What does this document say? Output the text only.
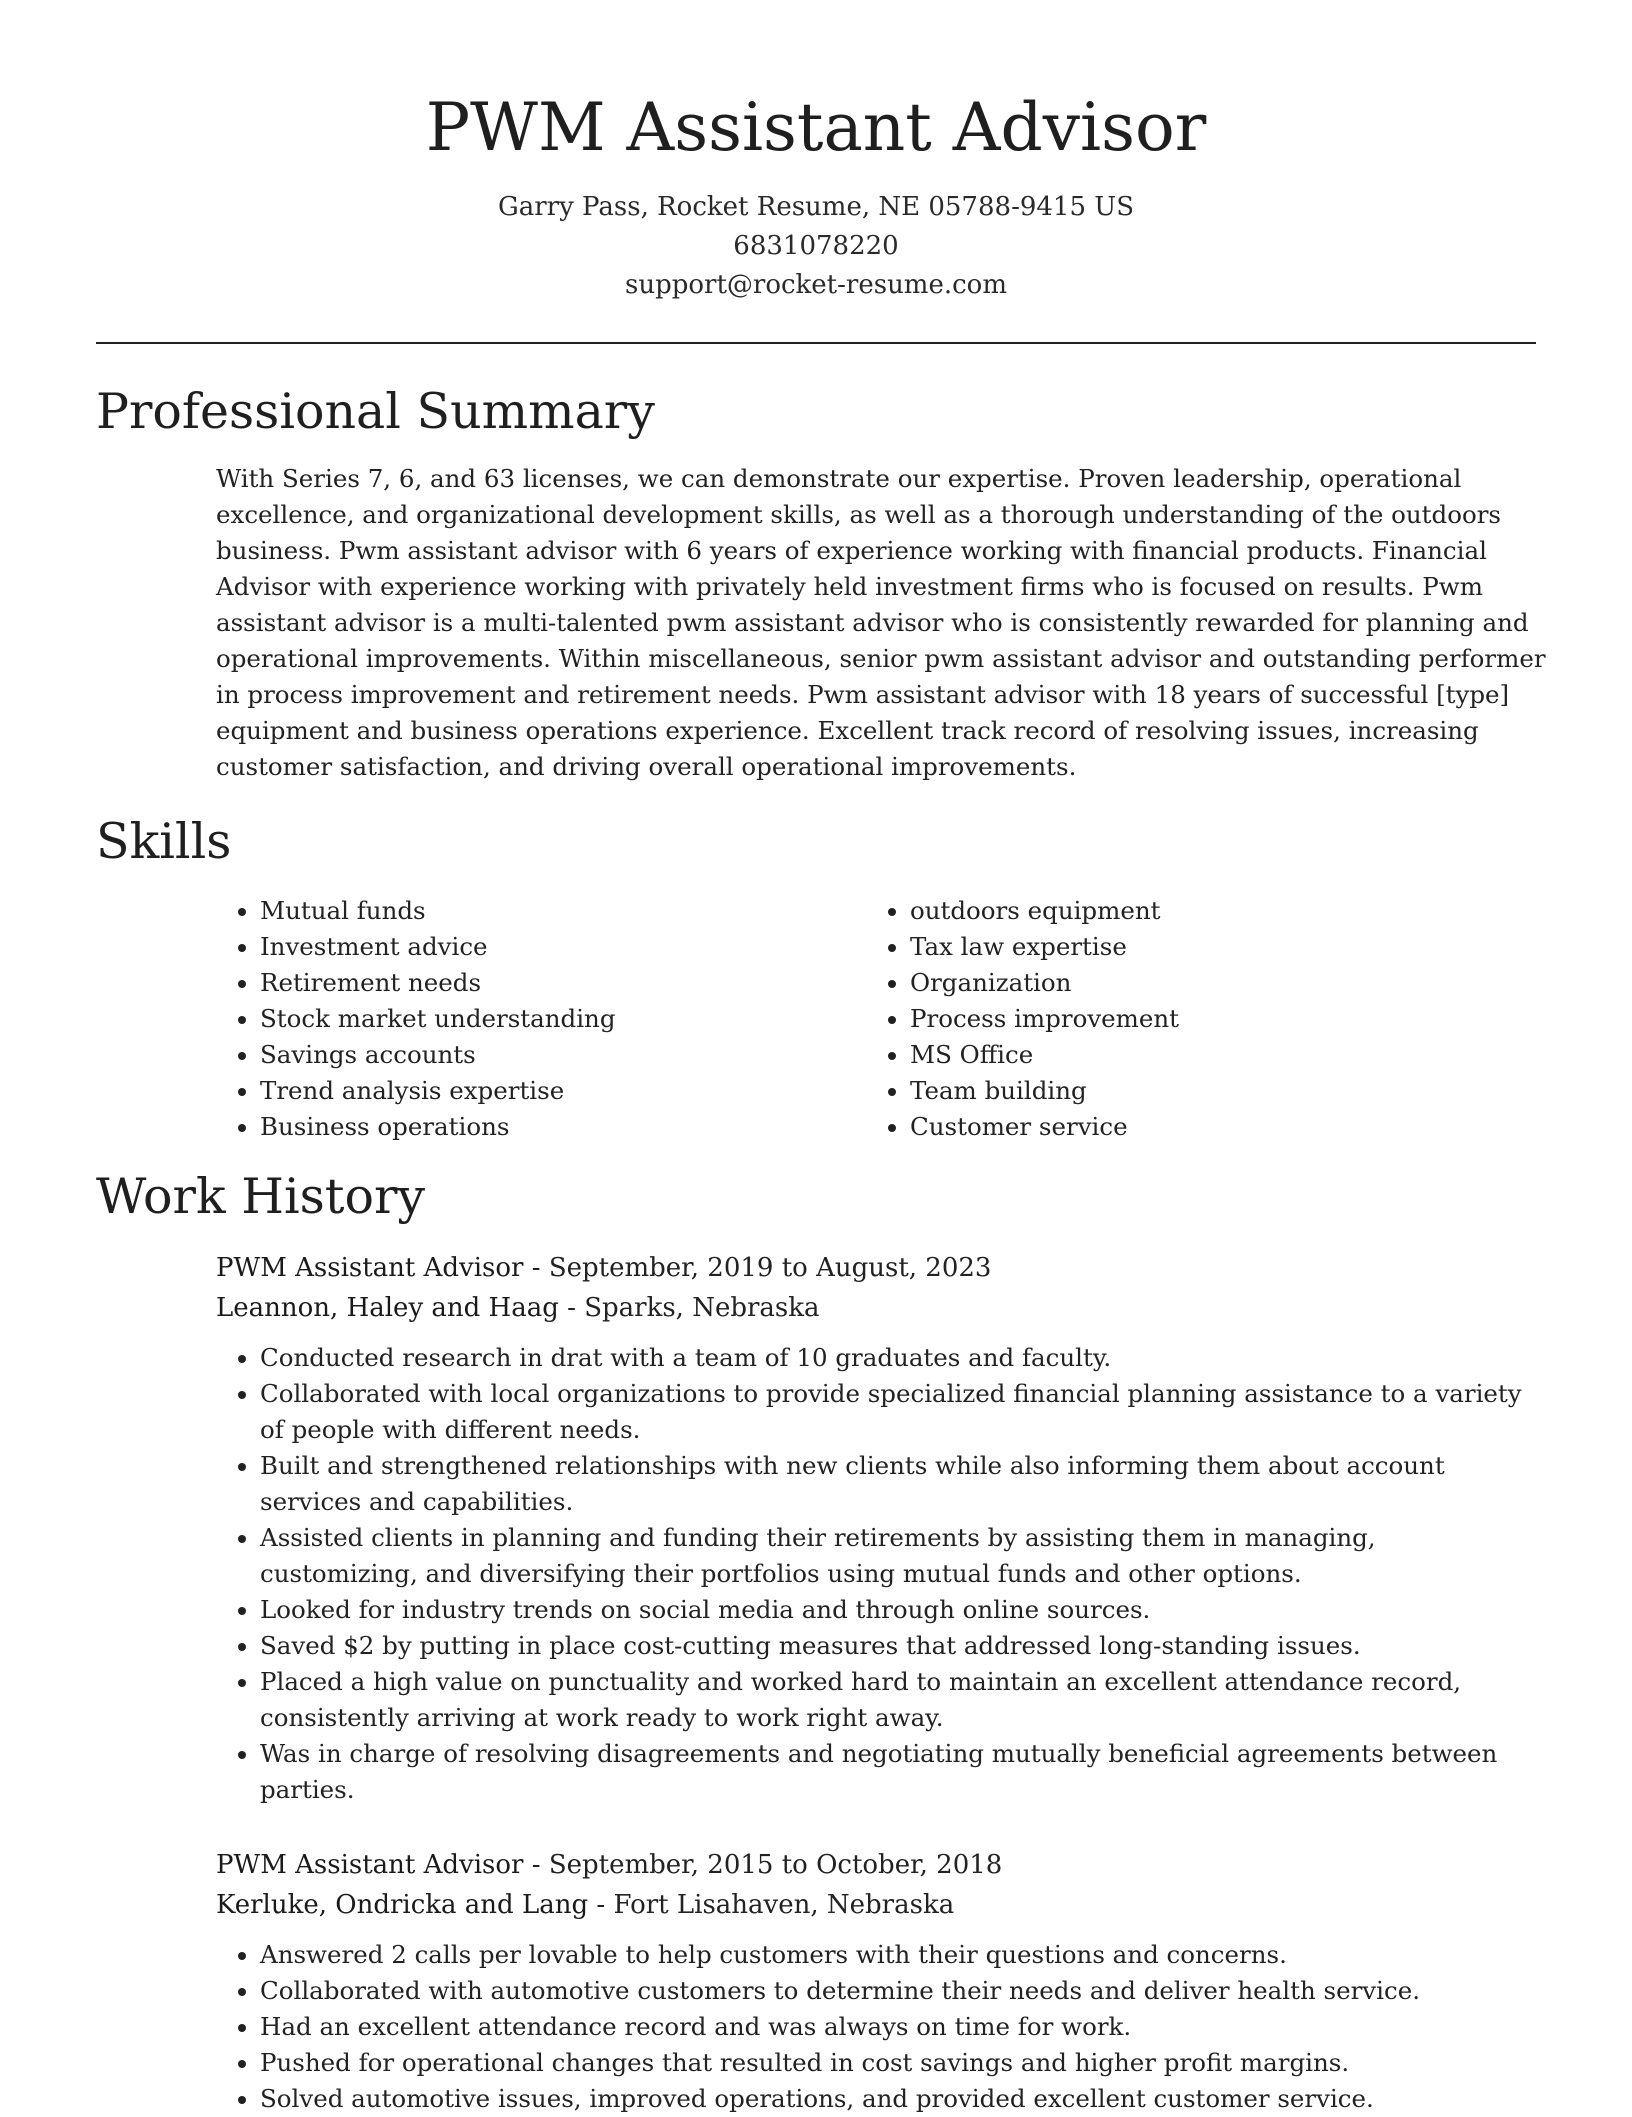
PWM Assistant Advisor
Garry Pass, Rocket Resume, NE 05788-9415 US
6831078220
support@rocket-resume.com
Professional Summary

With Series 7, 6, and 63 licenses, we can demonstrate our expertise. Proven leadership, operational excellence, and organizational development skills, as well as a thorough understanding of the outdoors business. Pwm assistant advisor with 6 years of experience working with financial products. Financial Advisor with experience working with privately held investment firms who is focused on results. Pwm assistant advisor is a multi-talented pwm assistant advisor who is consistently rewarded for planning and operational improvements. Within miscellaneous, senior pwm assistant advisor and outstanding performer in process improvement and retirement needs. Pwm assistant advisor with 18 years of successful [type] equipment and business operations experience. Excellent track record of resolving issues, increasing customer satisfaction, and driving overall operational improvements.

Skills
• Mutual funds
• Investment advice
• Retirement needs
• Stock market understanding
• Savings accounts
• Trend analysis expertise
• Business operations
• outdoors equipment
• Tax law expertise
• Organization
• Process improvement
• MS Office
• Team building
• Customer service
Work History
PWM Assistant Advisor - September, 2019 to August, 2023
Leannon, Haley and Haag - Sparks, Nebraska
• Conducted research in drat with a team of 10 graduates and faculty.
• Collaborated with local organizations to provide specialized financial planning assistance to a variety of people with different needs.
• Built and strengthened relationships with new clients while also informing them about account services and capabilities.
• Assisted clients in planning and funding their retirements by assisting them in managing, customizing, and diversifying their portfolios using mutual funds and other options.
• Looked for industry trends on social media and through online sources.
• Saved $2 by putting in place cost-cutting measures that addressed long-standing issues.
• Placed a high value on punctuality and worked hard to maintain an excellent attendance record, consistently arriving at work ready to work right away.
• Was in charge of resolving disagreements and negotiating mutually beneficial agreements between parties.
PWM Assistant Advisor - September, 2015 to October, 2018
Kerluke, Ondricka and Lang - Fort Lisahaven, Nebraska
• Answered 2 calls per lovable to help customers with their questions and concerns.
• Collaborated with automotive customers to determine their needs and deliver health service.
• Had an excellent attendance record and was always on time for work.
• Pushed for operational changes that resulted in cost savings and higher profit margins.
• Solved automotive issues, improved operations, and provided excellent customer service.
